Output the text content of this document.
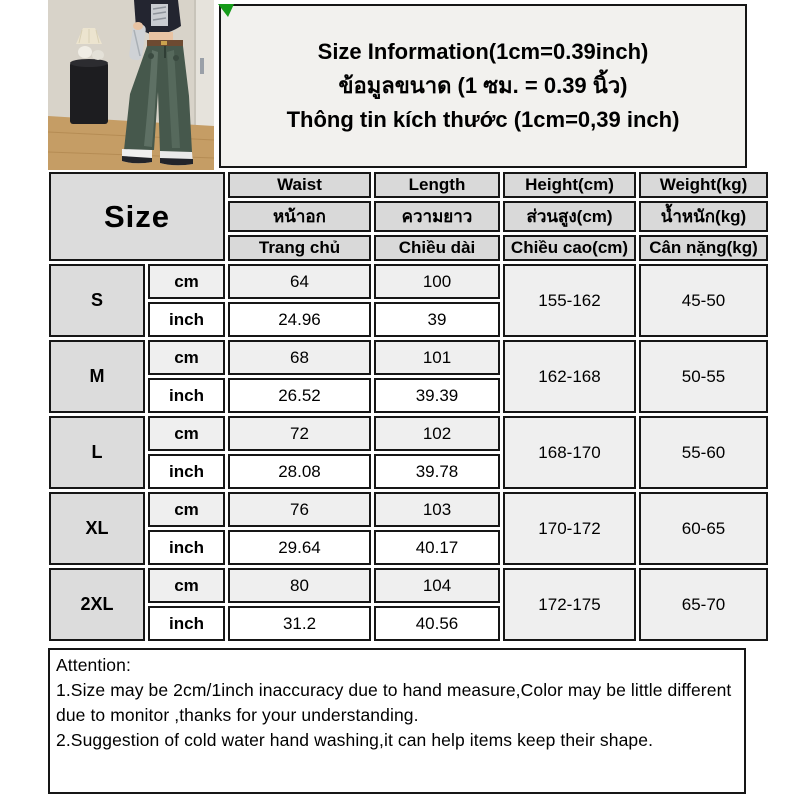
Size Information(1cm=0.39inch)
ข้อมูลขนาด (1 ซม. = 0.39 นิ้ว)
Thông tin kích thước (1cm=0,39 inch)
Size		Waist	Length	Height(cm)	Weight(kg)
		หน้าอก	ความยาว	ส่วนสูง(cm)	น้ำหนัก(kg)
		Trang chủ	Chiều dài	Chiều cao(cm)	Cân nặng(kg)
S	cm	64	100	155-162	45-50
	inch	24.96	39		
M	cm	68	101	162-168	50-55
	inch	26.52	39.39		
L	cm	72	102	168-170	55-60
	inch	28.08	39.78		
XL	cm	76	103	170-172	60-65
	inch	29.64	40.17		
2XL	cm	80	104	172-175	65-70
	inch	31.2	40.56		
Attention:
1.Size may be 2cm/1inch inaccuracy due to hand measure,Color may be little different due to monitor ,thanks for your understanding.
2.Suggestion of cold water hand washing,it can help items keep their shape.
